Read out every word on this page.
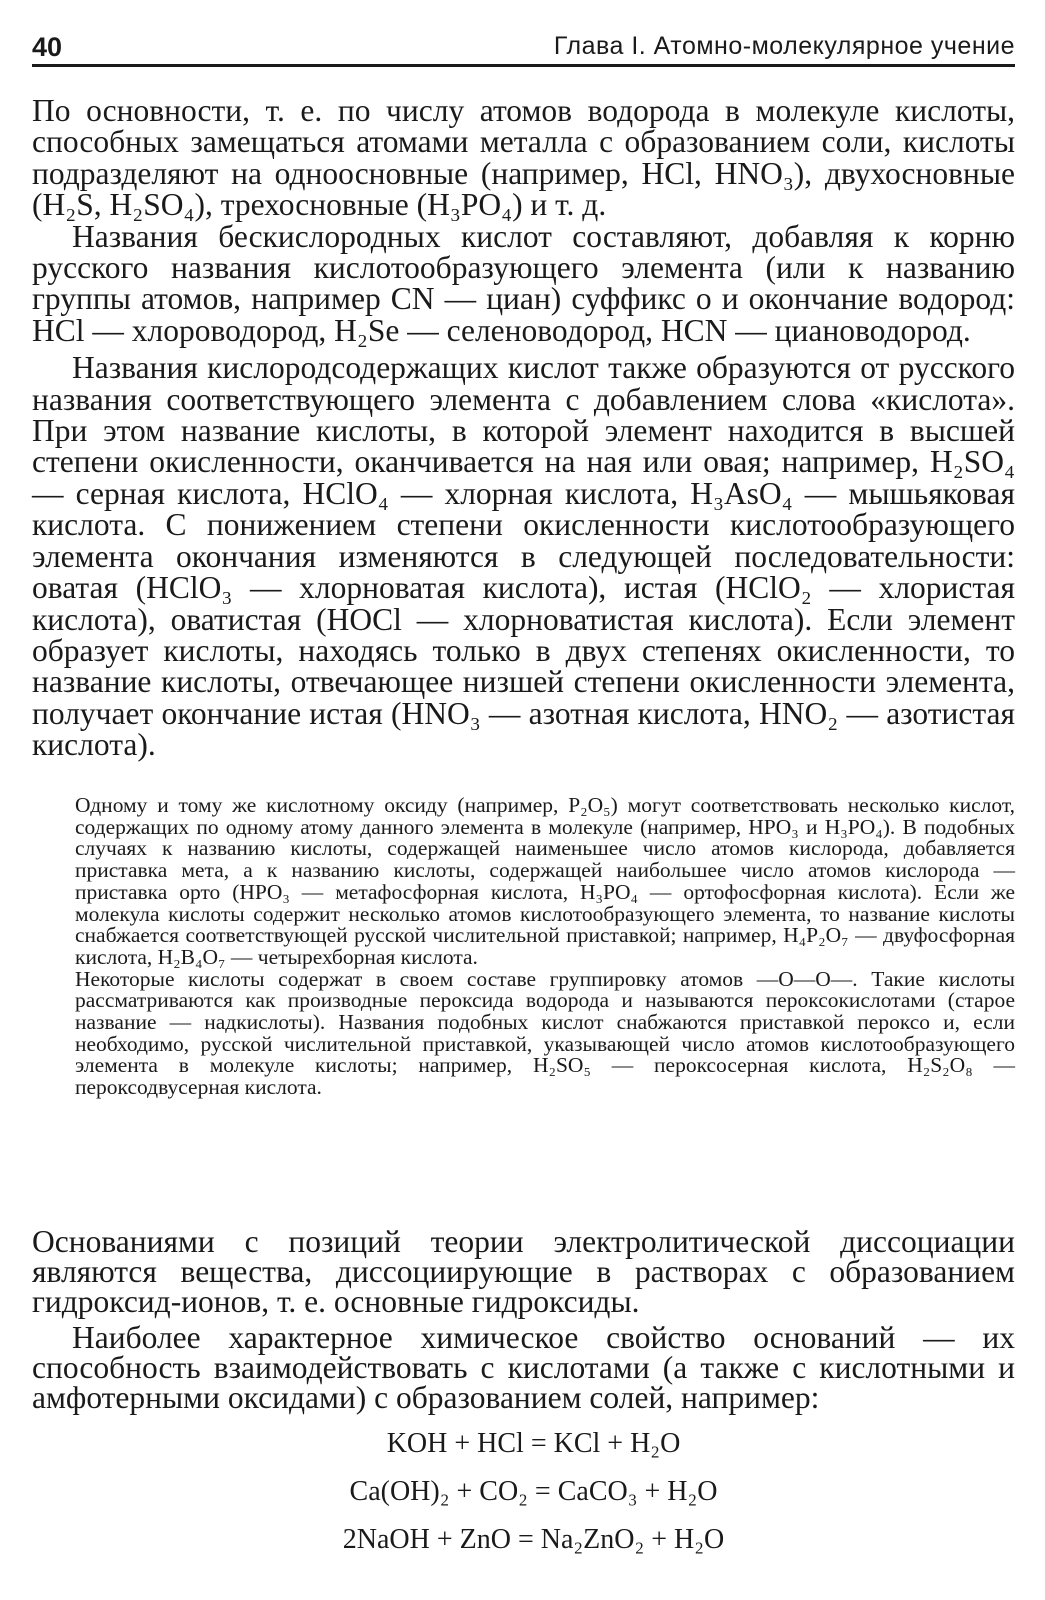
40	Глава I. Атомно-молекулярное учение

По основности, т. е. по числу атомов водорода в молекуле кислоты, способных замещаться атомами металла с образованием соли, кислоты подразделяют на одноосновные (например, HCl, HNO₃), двухосновные (H₂S, H₂SO₄), трехосновные (H₃PO₄) и т. д.

Названия бескислородных кислот составляют, добавляя к корню русского названия кислотообразующего элемента (или к названию группы атомов, например CN — циан) суффикс о и окончание водород: HCl — хлороводород, H₂Se — селеноводород, HCN — циановодород.

Названия кислородсодержащих кислот также образуются от русского названия соответствующего элемента с добавлением слова «кислота». При этом название кислоты, в которой элемент находится в высшей степени окисленности, оканчивается на ная или овая; например, H₂SO₄ — серная кислота, HClO₄ — хлорная кислота, H₃AsO₄ — мышьяковая кислота. С понижением степени окисленности кислотообразующего элемента окончания изменяются в следующей последовательности: оватая (HClO₃ — хлорноватая кислота), истая (HClO₂ — хлористая кислота), оватистая (HOCl — хлорноватистая кислота). Если элемент образует кислоты, находясь только в двух степенях окисленности, то название кислоты, отвечающее низшей степени окисленности элемента, получает окончание истая (HNO₃ — азотная кислота, HNO₂ — азотистая кислота).

Одному и тому же кислотному оксиду (например, P₂O₅) могут соответствовать несколько кислот, содержащих по одному атому данного элемента в молекуле (например, HPO₃ и H₃PO₄). В подобных случаях к названию кислоты, содержащей наименьшее число атомов кислорода, добавляется приставка мета, а к названию кислоты, содержащей наибольшее число атомов кислорода — приставка орто (HPO₃ — метафосфорная кислота, H₃PO₄ — ортофосфорная кислота). Если же молекула кислоты содержит несколько атомов кислотообразующего элемента, то название кислоты снабжается соответствующей русской числительной приставкой; например, H₄P₂O₇ — двуфосфорная кислота, H₂B₄O₇ — четырехборная кислота.

Некоторые кислоты содержат в своем составе группировку атомов —O—O—. Такие кислоты рассматриваются как производные пероксида водорода и называются пероксокислотами (старое название — надкислоты). Названия подобных кислот снабжаются приставкой пероксо и, если необходимо, русской числительной приставкой, указывающей число атомов кислотообразующего элемента в молекуле кислоты; например, H₂SO₅ — пероксосерная кислота, H₂S₂O₈ — пероксодвусерная кислота.

Основаниями с позиций теории электролитической диссоциации являются вещества, диссоциирующие в растворах с образованием гидроксид-ионов, т. е. основные гидроксиды.

Наиболее характерное химическое свойство оснований — их способность взаимодействовать с кислотами (а также с кислотными и амфотерными оксидами) с образованием солей, например:

KOH + HCl = KCl + H₂O
Ca(OH)₂ + CO₂ = CaCO₃ + H₂O
2NaOH + ZnO = Na₂ZnO₂ + H₂O
